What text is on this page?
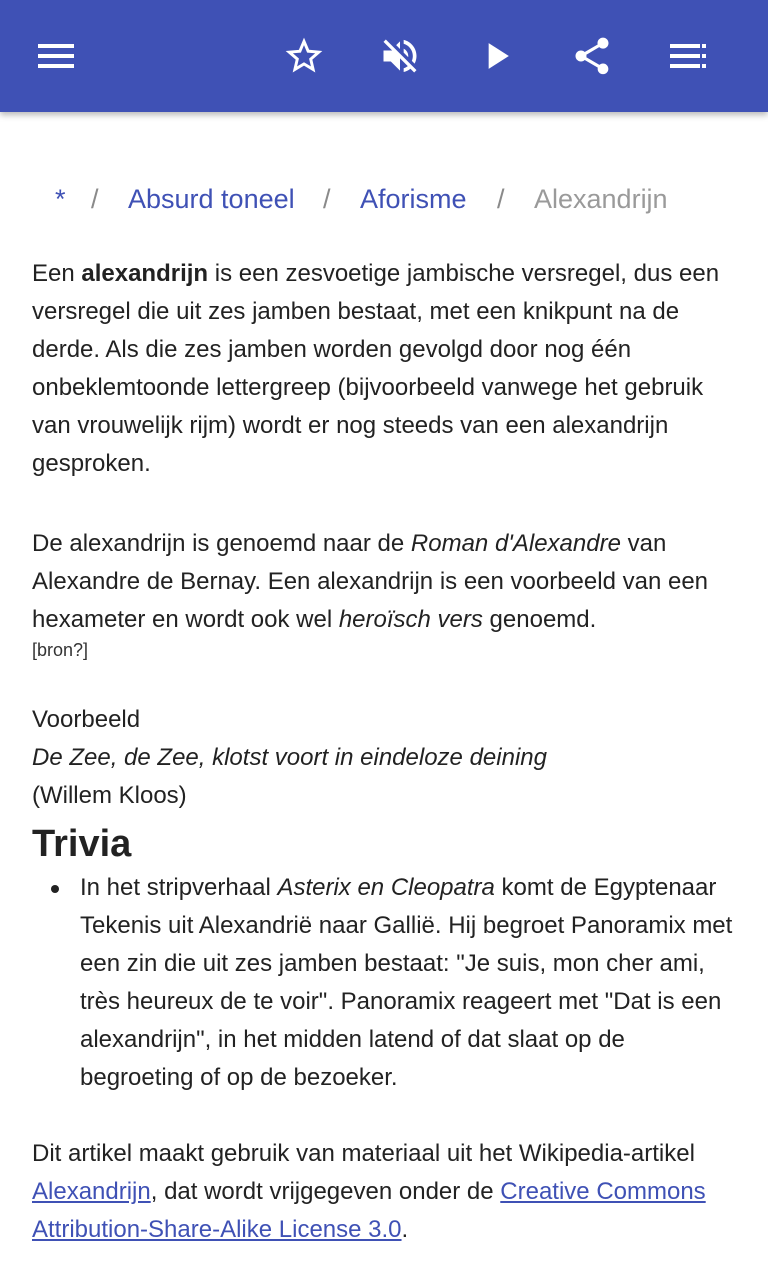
* / Absurd toneel / Aforisme / Alexandrijn

Een alexandrijn is een zesvoetige jambische versregel, dus een versregel die uit zes jamben bestaat, met een knikpunt na de derde. Als die zes jamben worden gevolgd door nog één onbeklemtoonde lettergreep (bijvoorbeeld vanwege het gebruik van vrouwelijk rijm) wordt er nog steeds van een alexandrijn gesproken.

De alexandrijn is genoemd naar de Roman d'Alexandre van Alexandre de Bernay. Een alexandrijn is een voorbeeld van een hexameter en wordt ook wel heroïsch vers genoemd.

[bron?]

Voorbeeld

De Zee, de Zee, klotst voort in eindeloze deining

(Willem Kloos)

Trivia
In het stripverhaal Asterix en Cleopatra komt de Egyptenaar Tekenis uit Alexandrië naar Gallië. Hij begroet Panoramix met een zin die uit zes jamben bestaat: "Je suis, mon cher ami, très heureux de te voir". Panoramix reageert met "Dat is een alexandrijn", in het midden latend of dat slaat op de begroeting of op de bezoeker.

Dit artikel maakt gebruik van materiaal uit het Wikipedia-artikel Alexandrijn, dat wordt vrijgegeven onder de Creative Commons Attribution-Share-Alike License 3.0.
